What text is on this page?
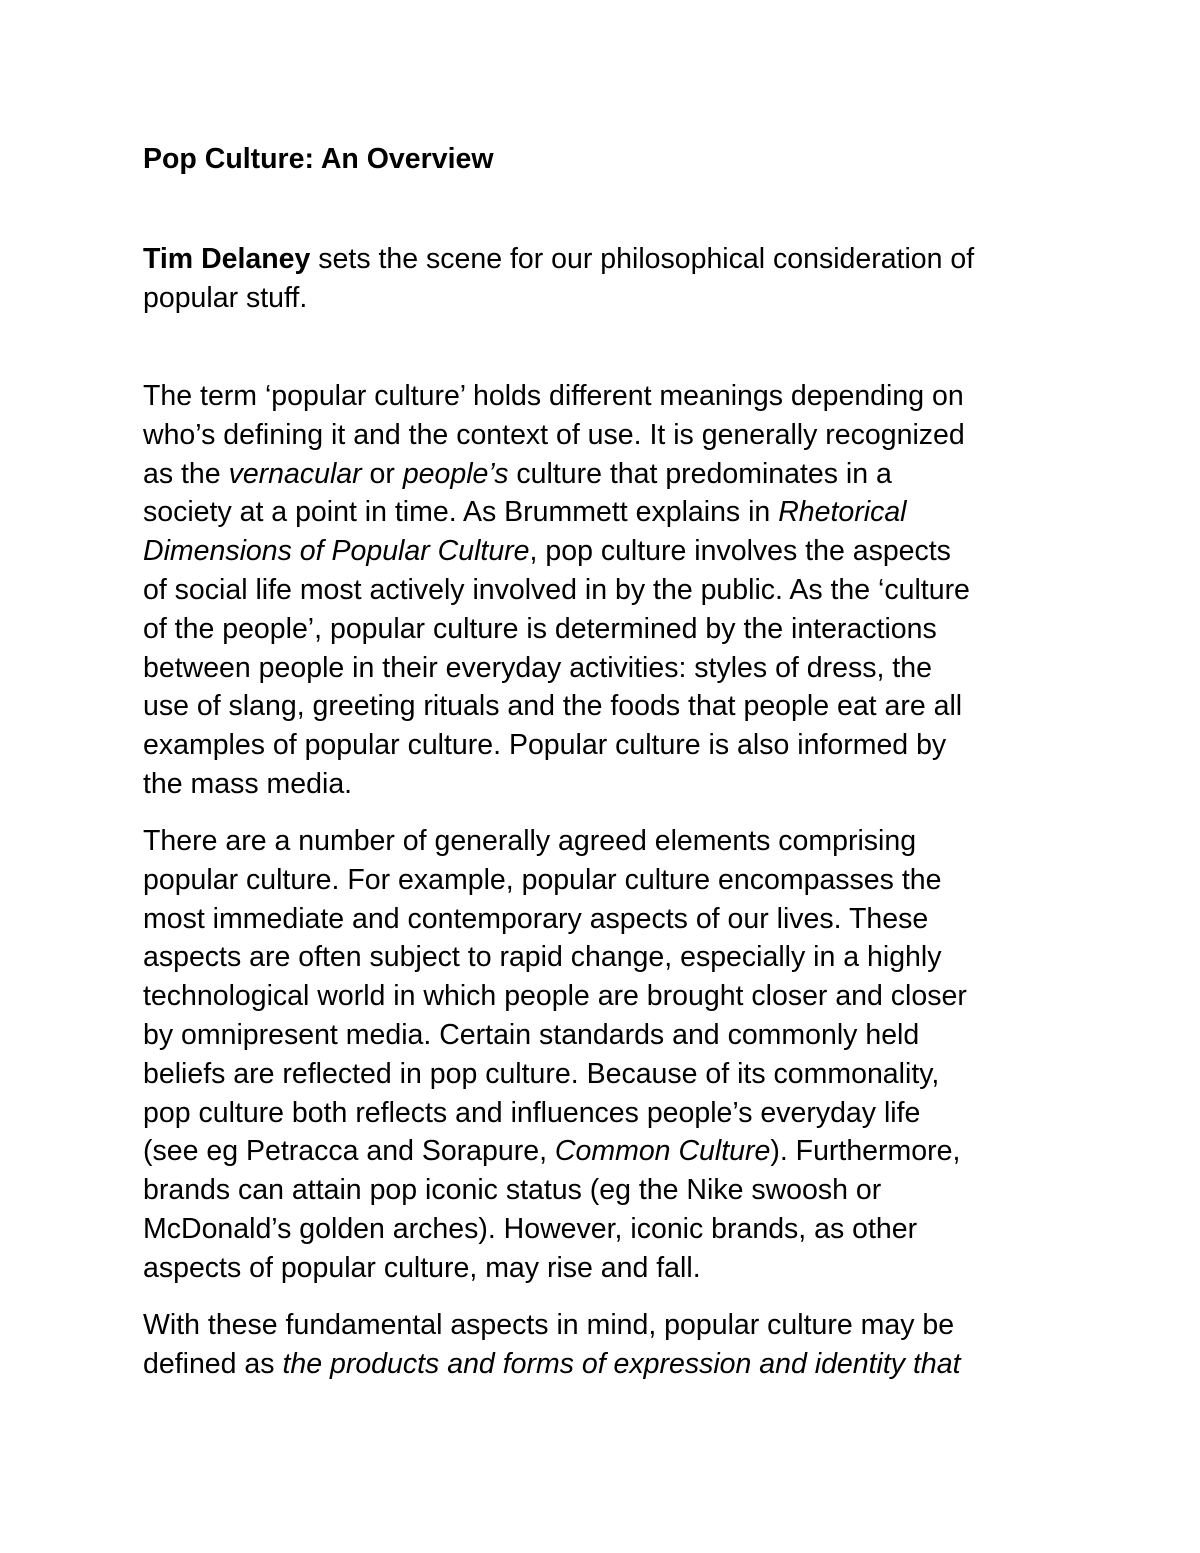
Pop Culture: An Overview

Tim Delaney sets the scene for our philosophical consideration of
popular stuff.

The term ‘popular culture’ holds different meanings depending on
who’s defining it and the context of use. It is generally recognized
as the vernacular or people’s culture that predominates in a
society at a point in time. As Brummett explains in Rhetorical
Dimensions of Popular Culture, pop culture involves the aspects
of social life most actively involved in by the public. As the ‘culture
of the people’, popular culture is determined by the interactions
between people in their everyday activities: styles of dress, the
use of slang, greeting rituals and the foods that people eat are all
examples of popular culture. Popular culture is also informed by
the mass media.

There are a number of generally agreed elements comprising
popular culture. For example, popular culture encompasses the
most immediate and contemporary aspects of our lives. These
aspects are often subject to rapid change, especially in a highly
technological world in which people are brought closer and closer
by omnipresent media. Certain standards and commonly held
beliefs are reflected in pop culture. Because of its commonality,
pop culture both reflects and influences people’s everyday life
(see eg Petracca and Sorapure, Common Culture). Furthermore,
brands can attain pop iconic status (eg the Nike swoosh or
McDonald’s golden arches). However, iconic brands, as other
aspects of popular culture, may rise and fall.

With these fundamental aspects in mind, popular culture may be
defined as the products and forms of expression and identity that
